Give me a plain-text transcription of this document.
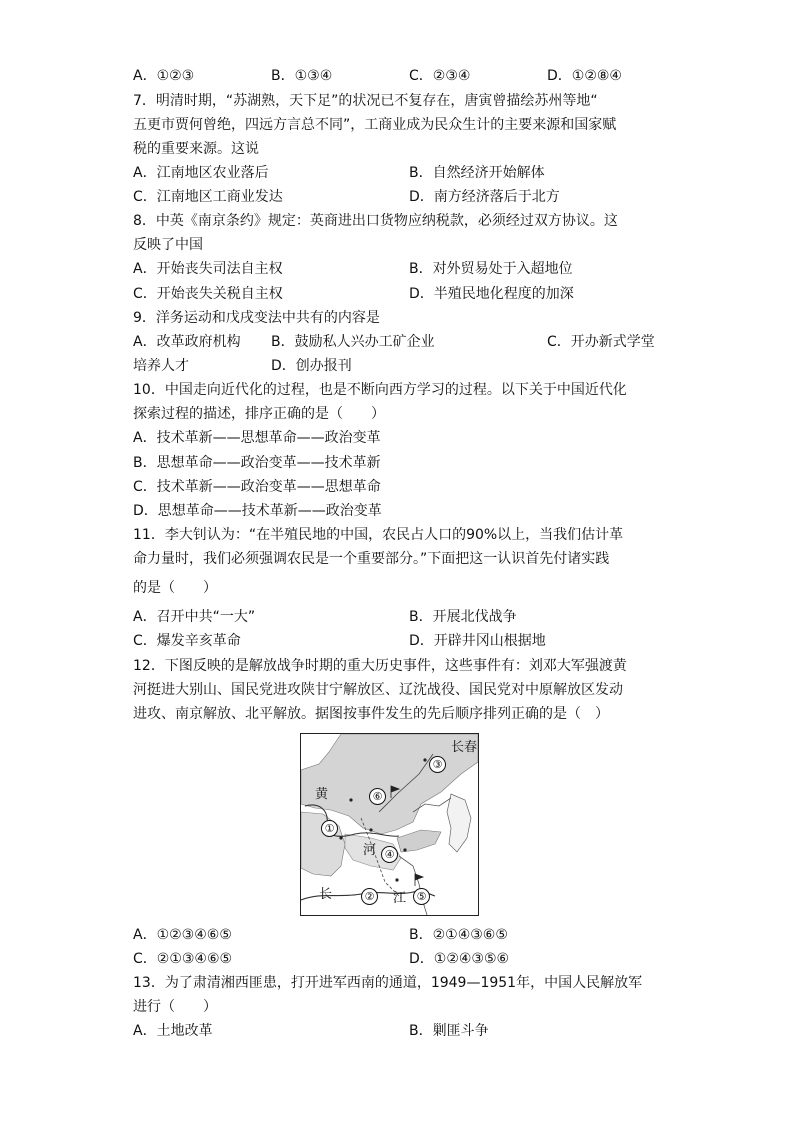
A．①②③	B．①③④	C．②③④	D．①②⑧④
7．明清时期，“苏湖熟，天下足”的状况已不复存在，唐寅曾描绘苏州等地“
五更市贾何曾绝，四远方言总不同”，工商业成为民众生计的主要来源和国家赋
税的重要来源。这说
A．江南地区农业落后	B．自然经济开始解体
C．江南地区工商业发达	D．南方经济落后于北方
8．中英《南京条约》规定：英商进出口货物应纳税款，必须经过双方协议。这
反映了中国
A．开始丧失司法自主权	B．对外贸易处于入超地位
C．开始丧失关税自主权	D．半殖民地化程度的加深
9．洋务运动和戊戌变法中共有的内容是
A．改革政府机构 B．鼓励私人兴办工矿企业	C．开办新式学堂
培养人才	D．创办报刊
10．中国走向近代化的过程，也是不断向西方学习的过程。以下关于中国近代化
探索过程的描述，排序正确的是（　　）
A．技术革新——思想革命——政治变革
B．思想革命——政治变革——技术革新
C．技术革新——政治变革——思想革命
D．思想革命——技术革新——政治变革
11．李大钊认为：“在半殖民地的中国，农民占人口的90%以上，当我们估计革
命力量时，我们必须强调农民是一个重要部分。”下面把这一认识首先付诸实践
的是（　　）
A．召开中共“一大”	B．开展北伐战争
C．爆发辛亥革命	D．开辟井冈山根据地
12．下图反映的是解放战争时期的重大历史事件，这些事件有：刘邓大军强渡黄
河挺进大别山、国民党进攻陕甘宁解放区、辽沈战役、国民党对中原解放区发动
进攻、南京解放、北平解放。据图按事件发生的先后顺序排列正确的是（　）
长春
黄
河
长	江
①
②
③
④
⑤
⑥
A．①②③④⑥⑤	B．②①④③⑥⑤
C．②①③④⑥⑤	D．①②④③⑤⑥
13．为了肃清湘西匪患，打开进军西南的通道，1949—1951年，中国人民解放军
进行（　　）
A．土地改革	B．剿匪斗争
